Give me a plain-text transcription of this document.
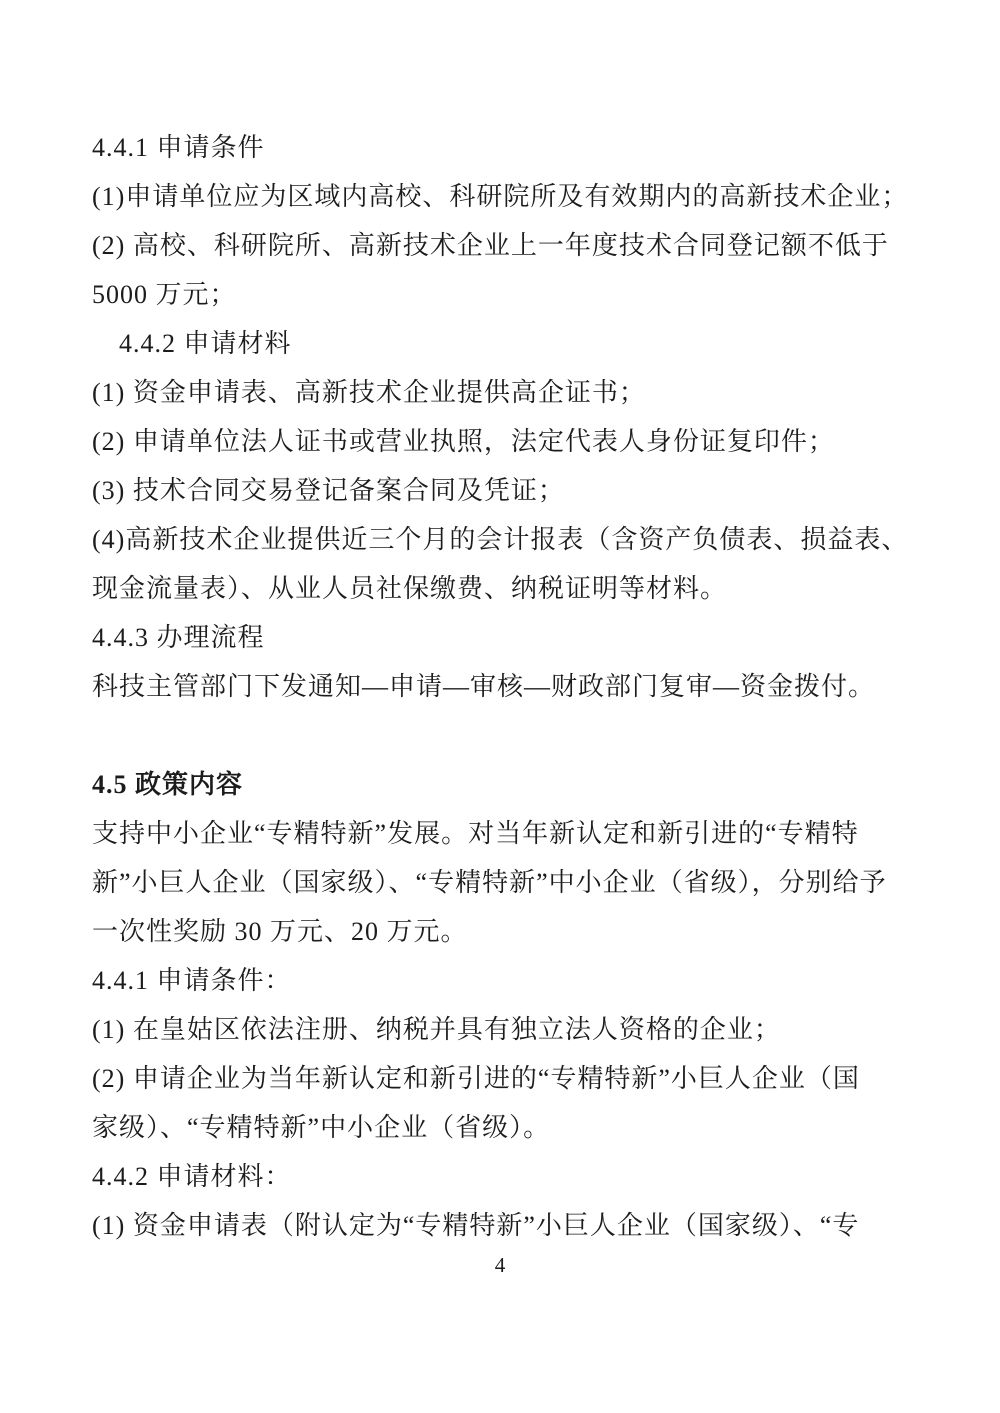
4.4.1 申请条件
(1)申请单位应为区域内高校、科研院所及有效期内的高新技术企业；
(2) 高校、科研院所、高新技术企业上一年度技术合同登记额不低于
5000 万元；
　4.4.2 申请材料
(1) 资金申请表、高新技术企业提供高企证书；
(2) 申请单位法人证书或营业执照，法定代表人身份证复印件；
(3) 技术合同交易登记备案合同及凭证；
(4)高新技术企业提供近三个月的会计报表（含资产负债表、损益表、
现金流量表）、从业人员社保缴费、纳税证明等材料。
4.4.3 办理流程
科技主管部门下发通知—申请—审核—财政部门复审—资金拨付。
4.5 政策内容
支持中小企业“专精特新”发展。对当年新认定和新引进的“专精特
新”小巨人企业（国家级）、“专精特新”中小企业（省级），分别给予
一次性奖励 30 万元、20 万元。
4.4.1 申请条件：
(1) 在皇姑区依法注册、纳税并具有独立法人资格的企业；
(2) 申请企业为当年新认定和新引进的“专精特新”小巨人企业（国
家级）、“专精特新”中小企业（省级）。
4.4.2 申请材料：
(1) 资金申请表（附认定为“专精特新”小巨人企业（国家级）、“专
4
